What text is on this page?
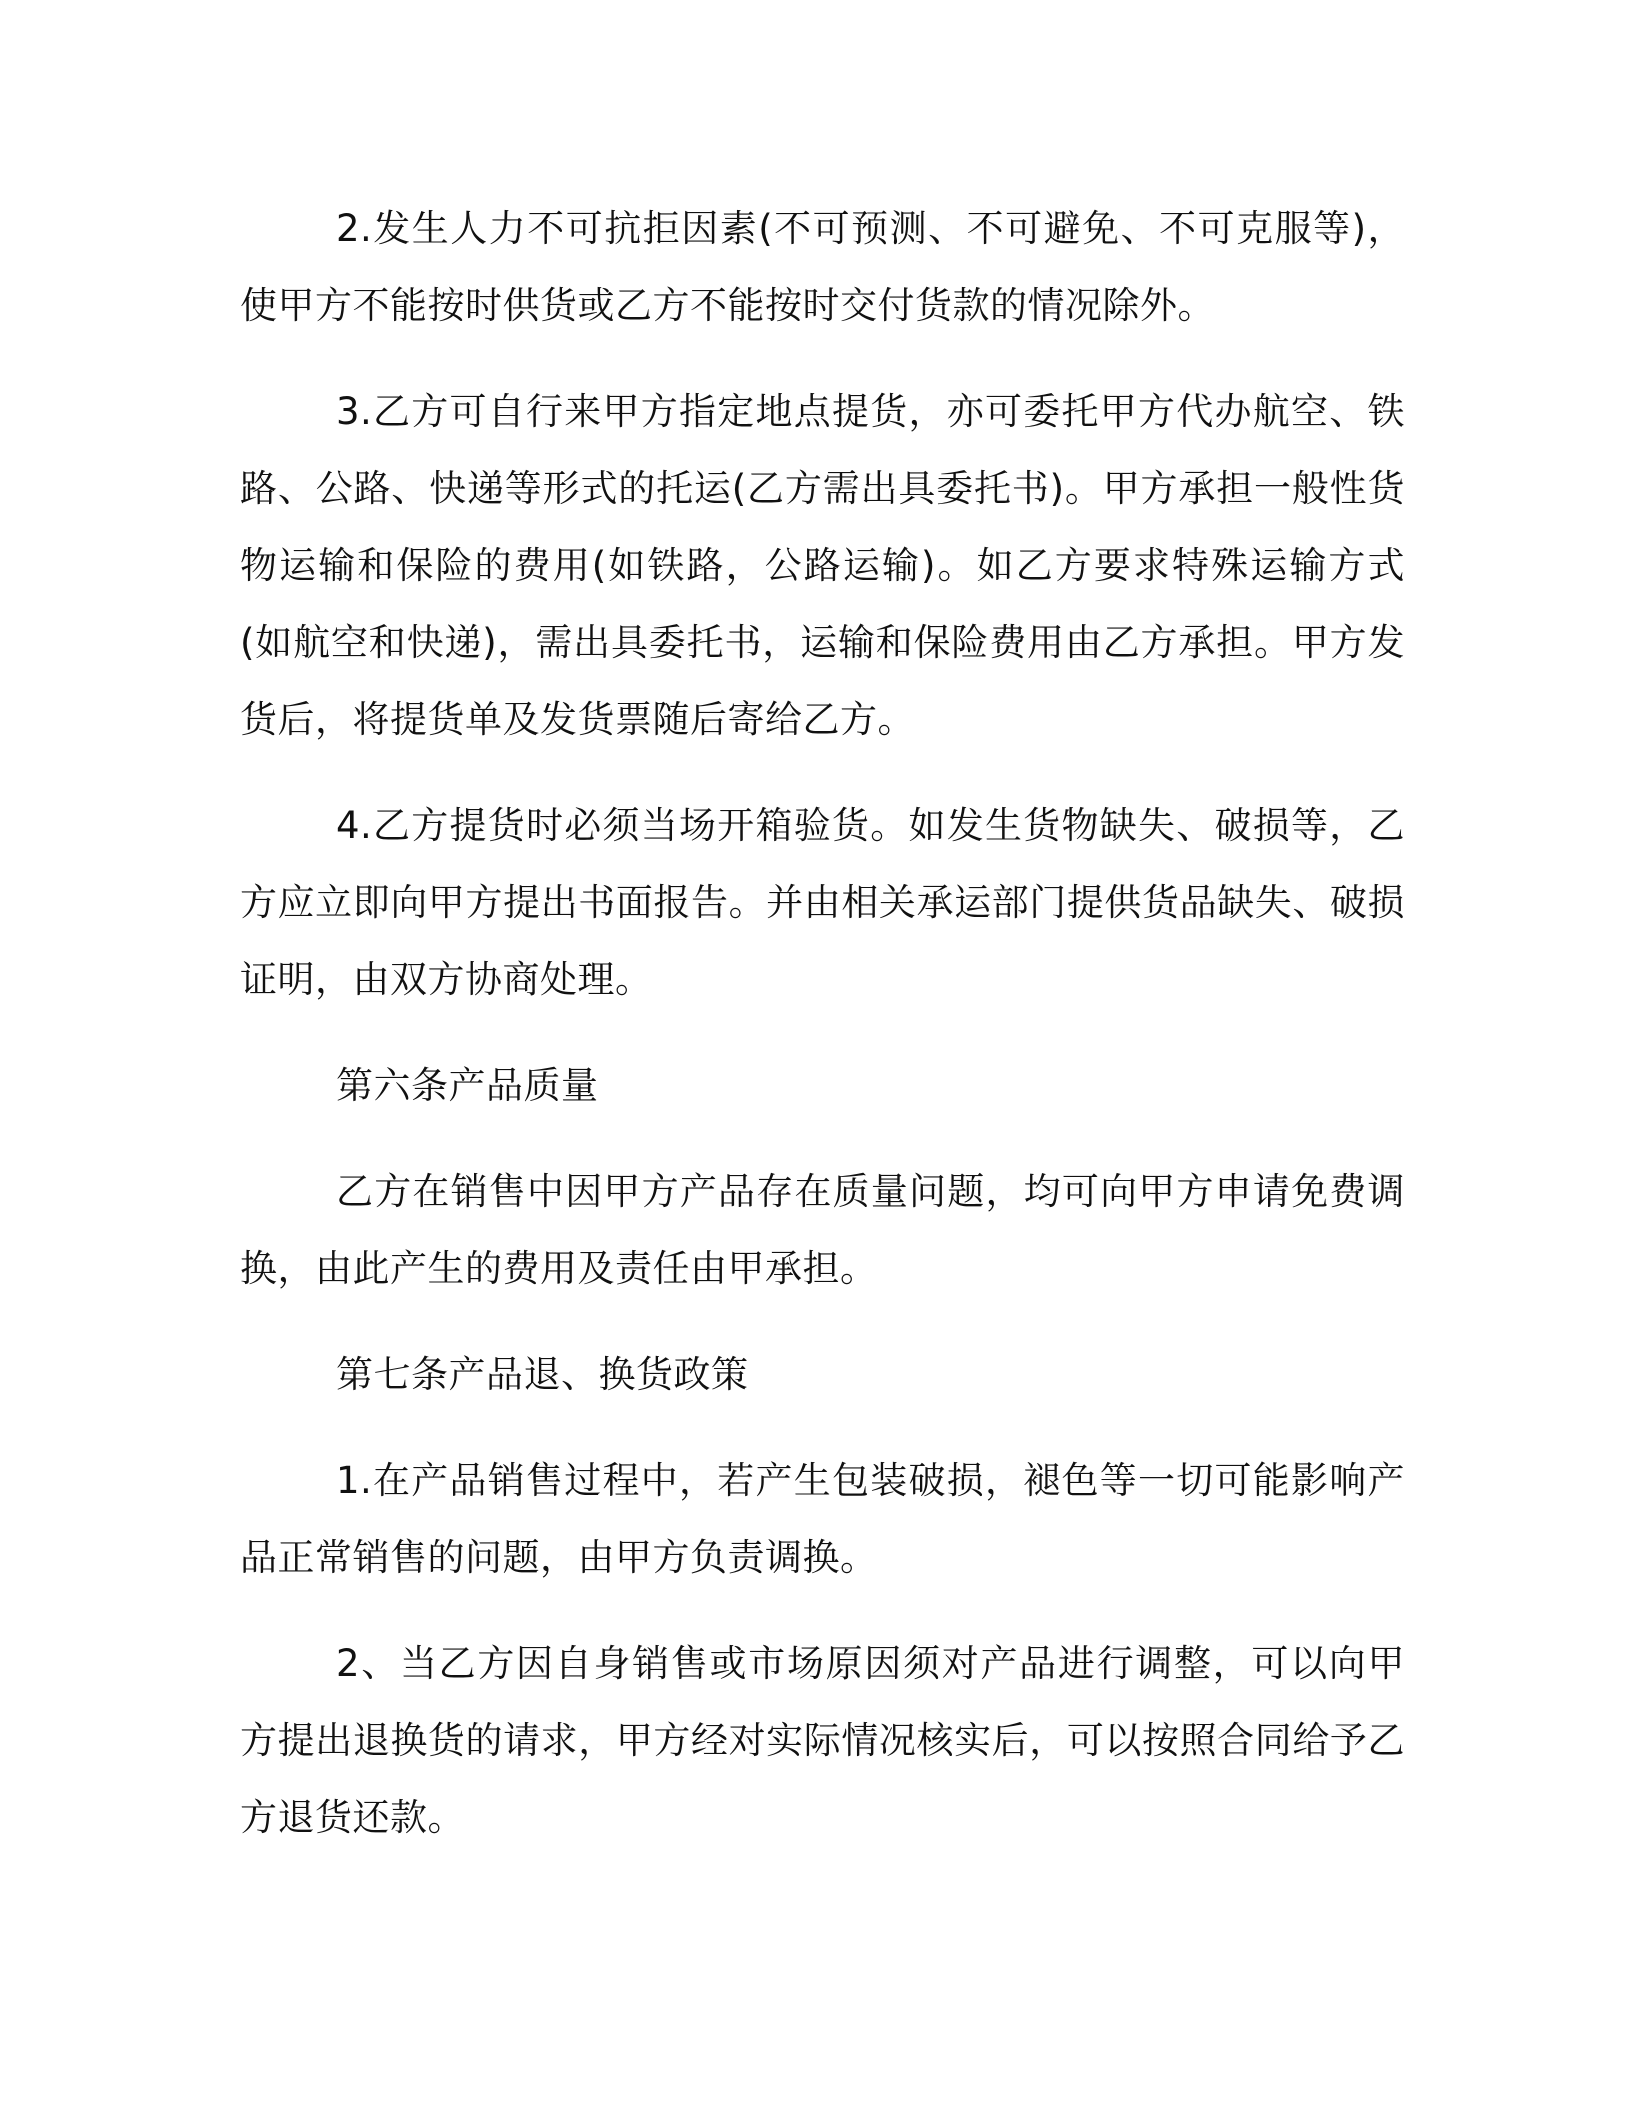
2.发生人力不可抗拒因素(不可预测、不可避免、不可克服等)，使甲方不能按时供货或乙方不能按时交付货款的情况除外。

3.乙方可自行来甲方指定地点提货，亦可委托甲方代办航空、铁路、公路、快递等形式的托运(乙方需出具委托书)。甲方承担一般性货物运输和保险的费用(如铁路，公路运输)。如乙方要求特殊运输方式(如航空和快递)，需出具委托书，运输和保险费用由乙方承担。甲方发货后，将提货单及发货票随后寄给乙方。

4.乙方提货时必须当场开箱验货。如发生货物缺失、破损等，乙方应立即向甲方提出书面报告。并由相关承运部门提供货品缺失、破损证明，由双方协商处理。

第六条产品质量

乙方在销售中因甲方产品存在质量问题，均可向甲方申请免费调换，由此产生的费用及责任由甲承担。

第七条产品退、换货政策

1.在产品销售过程中，若产生包装破损，褪色等一切可能影响产品正常销售的问题，由甲方负责调换。

2、当乙方因自身销售或市场原因须对产品进行调整，可以向甲方提出退换货的请求，甲方经对实际情况核实后，可以按照合同给予乙方退货还款。
